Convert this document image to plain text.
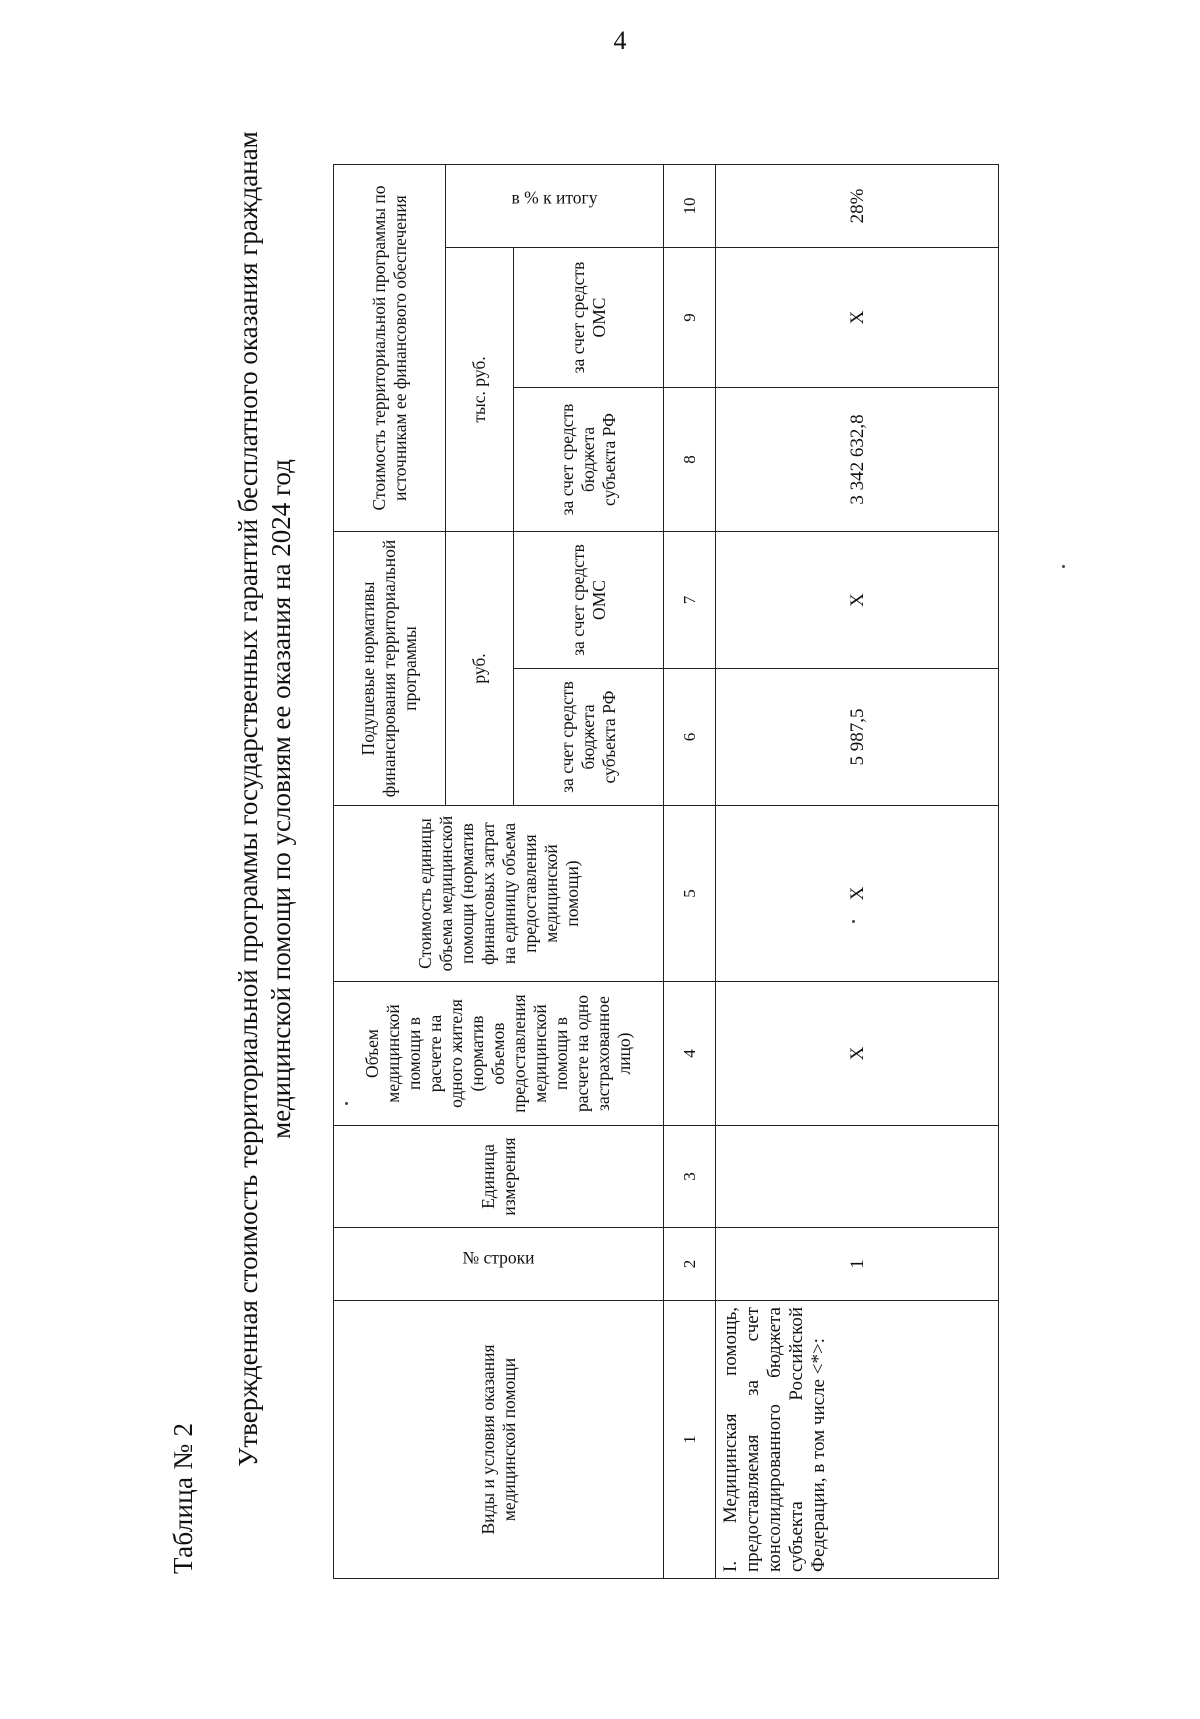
4
Таблица № 2
Утвержденная стоимость территориальной программы государственных гарантий бесплатного оказания гражданам медицинской помощи по условиям ее оказания на 2024 год
Виды и условия оказания медицинской помощи	№ строки	Единица измерения	Объем медицинской помощи в расчете на одного жителя (норматив объемов предоставления медицинской помощи в расчете на одно застрахованное лицо)	Стоимость единицы объема медицинской помощи (норматив финансовых затрат на единицу объема предоставления медицинской помощи)	Подушевые нормативы финансирования территориальной программы		Стоимость территориальной программы по источникам ее финансового обеспечения		
					руб.		тыс. руб.		в % к итогу
					за счет средств бюджета субъекта РФ	за счет средств ОМС	за счет средств бюджета субъекта РФ	за счет средств ОМС	
1	2	3	4	5	6	7	8	9	10
I. Медицинская помощь, предоставляемая за счет консолидированного бюджета субъекта Российской Федерации, в том числе <*>:	1		X	X	5 987,5	X	3 342 632,8	X	28%
